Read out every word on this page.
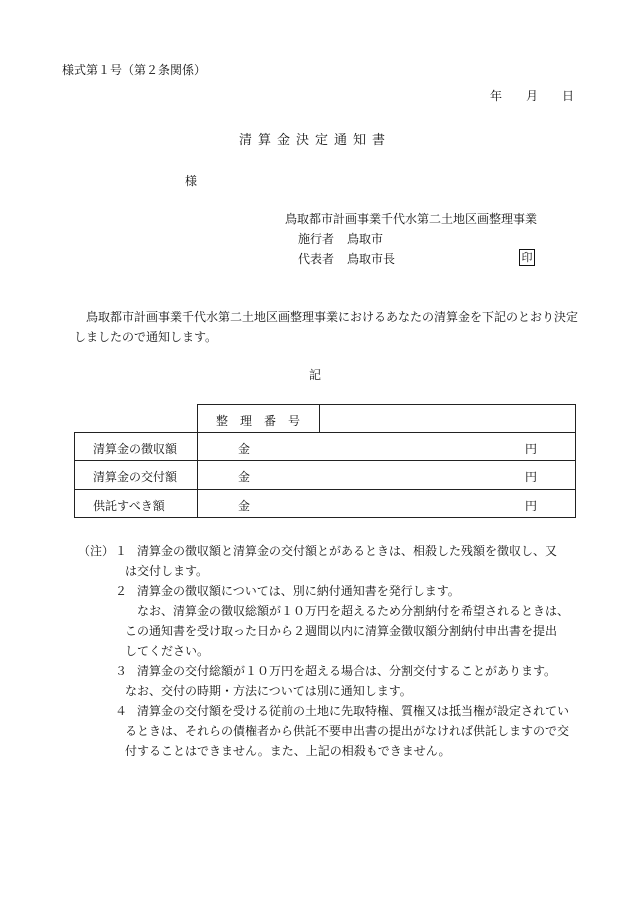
様式第１号（第２条関係）
年 月 日
清算金決定通知書
様
鳥取都市計画事業千代水第二土地区画整理事業
施行者 鳥取市
代表者 鳥取市長	印
鳥取都市計画事業千代水第二土地区画整理事業におけるあなたの清算金を下記のとおり決定しましたので通知します。
記
整　理　番　号
清算金の徴収額	金	円
清算金の交付額	金	円
供託すべき額	金	円
（注） １ 清算金の徴収額と清算金の交付額とがあるときは、相殺した残額を徴収し、又
は交付します。
２ 清算金の徴収額については、別に納付通知書を発行します。
なお、清算金の徴収総額が１０万円を超えるため分割納付を希望されるときは、
この通知書を受け取った日から２週間以内に清算金徴収額分割納付申出書を提出
してください。
３ 清算金の交付総額が１０万円を超える場合は、分割交付することがあります。
なお、交付の時期・方法については別に通知します。
４ 清算金の交付額を受ける従前の土地に先取特権、質権又は抵当権が設定されてい
るときは、それらの債権者から供託不要申出書の提出がなければ供託しますので交
付することはできません。また、上記の相殺もできません。
